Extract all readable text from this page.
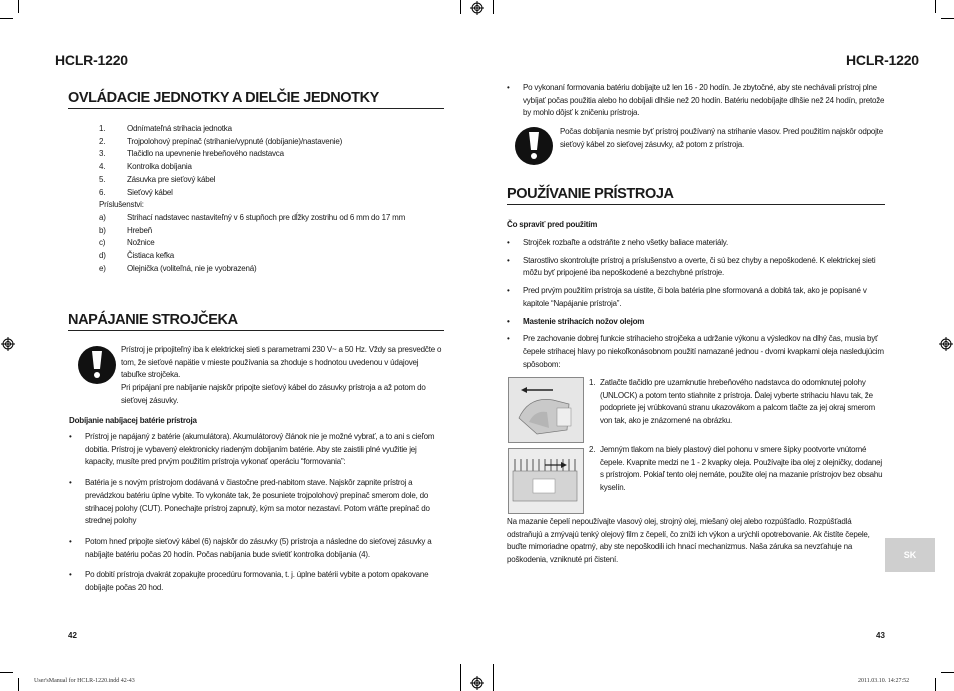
HCLR-1220	HCLR-1220
OVLÁDACIE JEDNOTKY A DIELČIE JEDNOTKY
1.	Odnímateľná strihacia jednotka
2.	Trojpolohový prepínač (strihanie/vypnuté (dobíjanie)/nastavenie)
3.	Tlačidlo na upevnenie hrebeňového nadstavca
4.	Kontrolka dobíjania
5.	Zásuvka pre sieťový kábel
6.	Sieťový kábel
Príslušenstvi:
a)	Strihací nadstavec nastaviteľný v 6 stupňoch pre dĺžky zostrihu od 6 mm do 17 mm
b)	Hrebeň
c)	Nožnice
d)	Čistiaca kefka
e)	Olejnička (voliteľná, nie je vyobrazená)
NAPÁJANIE STROJČEKA

Prístroj je pripojiteľný iba k elektrickej sieti s parametrami 230 V~ a 50 Hz. Vždy sa presvedčte o tom, že sieťové napätie v mieste používania sa zhoduje s hodnotou uvedenou v údajovej tabuľke strojčeka.

Pri pripájaní pre nabíjanie najskôr pripojte sieťový kábel do zásuvky prístroja a až potom do sieťovej zásuvky.

Dobíjanie nabíjacej batérie prístroja
•	Prístroj je napájaný z batérie (akumulátora). Akumulátorový článok nie je možné vybrať, a to ani s cieľom dobitia. Prístroj je vybavený elektronicky riadeným dobíjaním batérie. Aby ste zaistili plné využitie jej kapacity, musíte pred prvým použitím prístroja vykonať operáciu “formovania”:
•	Batéria je s novým prístrojom dodávaná v čiastočne pred-nabitom stave. Najskôr zapnite prístroj a prevádzkou batériu úplne vybite. To vykonáte tak, že posuniete trojpolohový prepínač smerom dole, do strihacej polohy (CUT). Ponechajte prístroj zapnutý, kým sa motor nezastaví. Potom vráťte prepínač do strednej polohy
•	Potom hneď pripojte sieťový kábel (6) najskôr do zásuvky (5) prístroja a následne do sieťovej zásuvky a nabíjajte batériu počas 20 hodín. Počas nabíjania bude svietiť kontrolka dobíjania (4).
•	Po dobití prístroja dvakrát zopakujte procedúru formovania, t. j. úplne batérii vybite a potom opakovane dobíjajte počas 20 hod.
42
•	Po vykonaní formovania batériu dobíjajte už len 16 - 20 hodín. Je zbytočné, aby ste nechávali prístroj plne vybíjať počas použitia alebo ho dobíjali dlhšie než 20 hodín. Batériu nedobíjajte dlhšie než 24 hodín, pretože by mohlo dôjsť k zničeniu prístroja.
Počas dobíjania nesmie byť prístroj používaný na strihanie vlasov. Pred použitím najskôr odpojte sieťový kábel zo sieťovej zásuvky, až potom z prístroja.
POUŽÍVANIE PRÍSTROJA
Čo spraviť pred použitím
•	Strojček rozbaľte a odstráňte z neho všetky baliace materiály.
•	Starostlivo skontrolujte prístroj a príslušenstvo a overte, či sú bez chyby a nepoškodené. K elektrickej sieti môžu byť pripojené iba nepoškodené a bezchybné prístroje.
•	Pred prvým použitím prístroja sa uistite, či bola batéria plne sformovaná a dobitá tak, ako je popísané v kapitole “Napájanie prístroja”.
•	Mastenie strihacích nožov olejom
•	Pre zachovanie dobrej funkcie strihacieho strojčeka a udržanie výkonu a výsledkov na dlhý čas, musia byť čepele strihacej hlavy po niekoľkonásobnom použití namazané jednou - dvomi kvapkami oleja nasledujúcim spôsobom:
1. Zatlačte tlačidlo pre uzamknutie hrebeňového nadstavca do odomknutej polohy (UNLOCK) a potom tento stiahnite z prístroja. Ďalej vyberte strihaciu hlavu tak, že podopriete jej vrúbkovanú stranu ukazovákom a palcom tlačte za jej okraj smerom von tak, ako je znázornené na obrázku.
2. Jemným tlakom na biely plastový diel pohonu v smere šípky pootvorte vnútorné čepele. Kvapnite medzi ne 1 - 2 kvapky oleja. Používajte iba olej z olejničky, dodanej s prístrojom. Pokiaľ tento olej nemáte, použite olej na mazanie prístrojov bez obsahu kyselín.
Na mazanie čepelí nepoužívajte vlasový olej, strojný olej, miešaný olej alebo rozpúšťadlo. Rozpúšťadlá odstraňujú a zmývajú tenký olejový film z čepelí, čo zníži ich výkon a urýchli opotrebovanie. Ak čistíte čepele, buďte mimoriadne opatrný, aby ste nepoškodili ich hnací mechanizmus. Naša záruka sa nevzťahuje na poškodenia, vzniknuté pri čistení.	SK
43
User'sManual for HCLR-1220.indd 42-43	2011.03.10. 14:27:52
